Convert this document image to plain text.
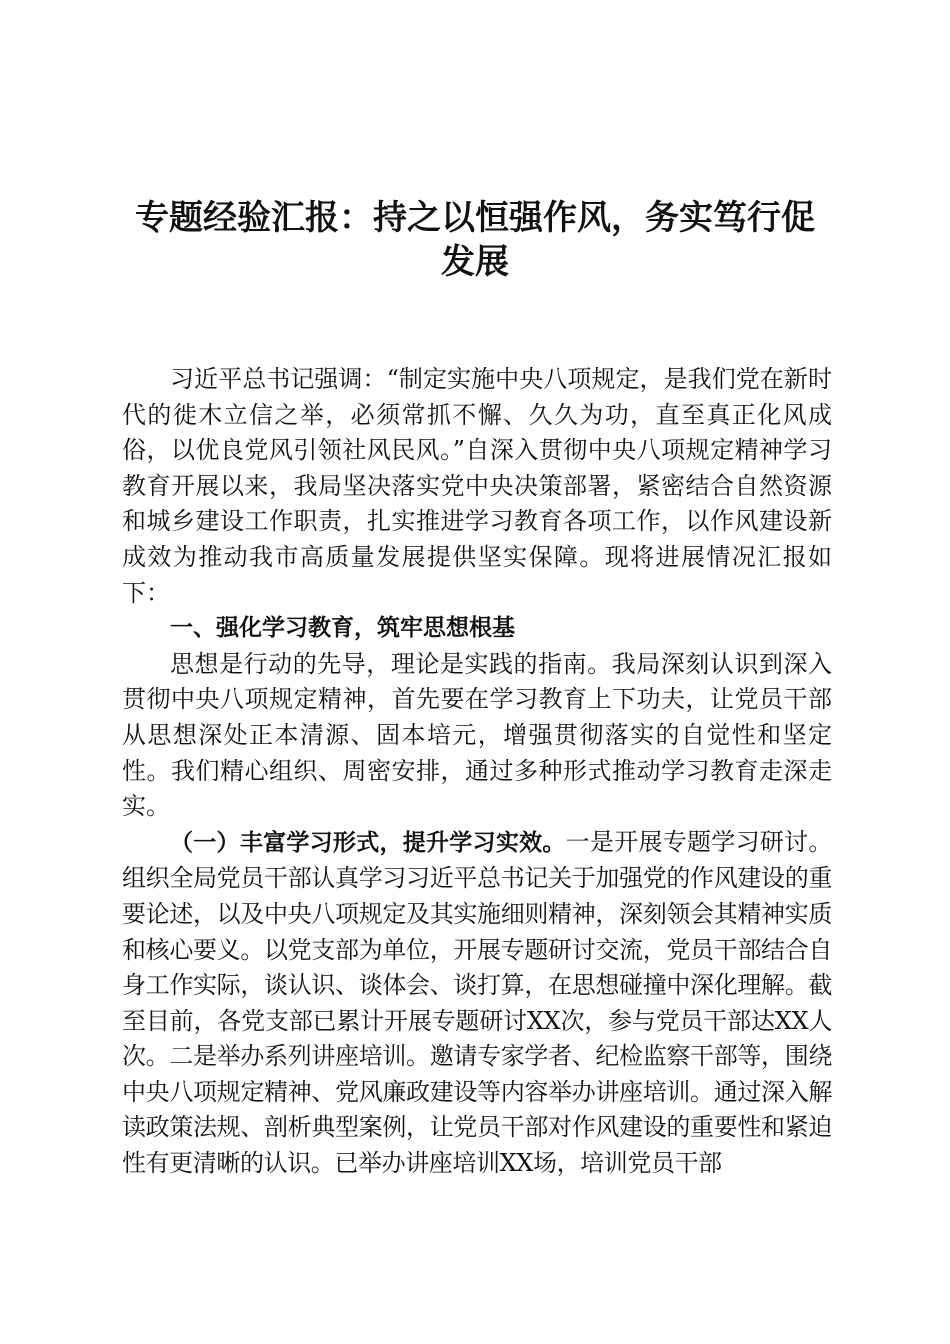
专题经验汇报：持之以恒强作风，务实笃行促
发展

习近平总书记强调：“制定实施中央八项规定，是我们党在新时代的徙木立信之举，必须常抓不懈、久久为功，直至真正化风成俗，以优良党风引领社风民风。”自深入贯彻中央八项规定精神学习教育开展以来，我局坚决落实党中央决策部署，紧密结合自然资源和城乡建设工作职责，扎实推进学习教育各项工作，以作风建设新成效为推动我市高质量发展提供坚实保障。现将进展情况汇报如下：

一、强化学习教育，筑牢思想根基

思想是行动的先导，理论是实践的指南。我局深刻认识到深入贯彻中央八项规定精神，首先要在学习教育上下功夫，让党员干部从思想深处正本清源、固本培元，增强贯彻落实的自觉性和坚定性。我们精心组织、周密安排，通过多种形式推动学习教育走深走实。

（一）丰富学习形式，提升学习实效。一是开展专题学习研讨。组织全局党员干部认真学习习近平总书记关于加强党的作风建设的重要论述，以及中央八项规定及其实施细则精神，深刻领会其精神实质和核心要义。以党支部为单位，开展专题研讨交流，党员干部结合自身工作实际，谈认识、谈体会、谈打算，在思想碰撞中深化理解。截至目前，各党支部已累计开展专题研讨XX次，参与党员干部达XX人次。二是举办系列讲座培训。邀请专家学者、纪检监察干部等，围绕中央八项规定精神、党风廉政建设等内容举办讲座培训。通过深入解读政策法规、剖析典型案例，让党员干部对作风建设的重要性和紧迫性有更清晰的认识。已举办讲座培训XX场，培训党员干部
